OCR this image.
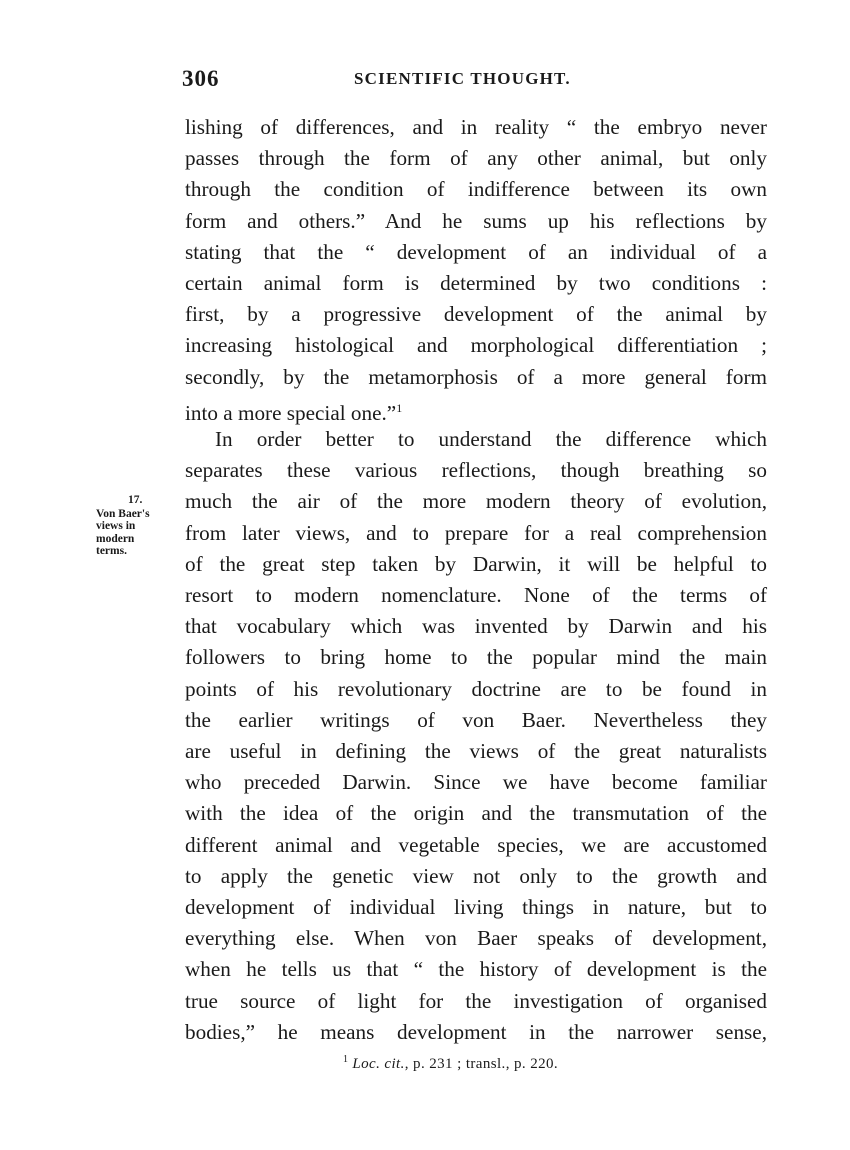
306	SCIENTIFIC THOUGHT.
17.
Von Baer's
views in
modern
terms.
lishing of differences, and in reality “ the embryo never
passes through the form of any other animal, but only
through the condition of indifference between its own
form and others.” And he sums up his reflections by
stating that the “ development of an individual of a
certain animal form is determined by two conditions :
first, by a progressive development of the animal by
increasing histological and morphological differentiation ;
secondly, by the metamorphosis of a more general form
into a more special one.”$^1$
In order better to understand the difference which
separates these various reflections, though breathing so
much the air of the more modern theory of evolution,
from later views, and to prepare for a real comprehension
of the great step taken by Darwin, it will be helpful to
resort to modern nomenclature. None of the terms of
that vocabulary which was invented by Darwin and his
followers to bring home to the popular mind the main
points of his revolutionary doctrine are to be found in
the earlier writings of von Baer. Nevertheless they
are useful in defining the views of the great naturalists
who preceded Darwin. Since we have become familiar
with the idea of the origin and the transmutation of the
different animal and vegetable species, we are accustomed
to apply the genetic view not only to the growth and
development of individual living things in nature, but to
everything else. When von Baer speaks of development,
when he tells us that “ the history of development is the
true source of light for the investigation of organised
bodies,” he means development in the narrower sense,
$^1$ Loc. cit., p. 231 ; transl., p. 220.
